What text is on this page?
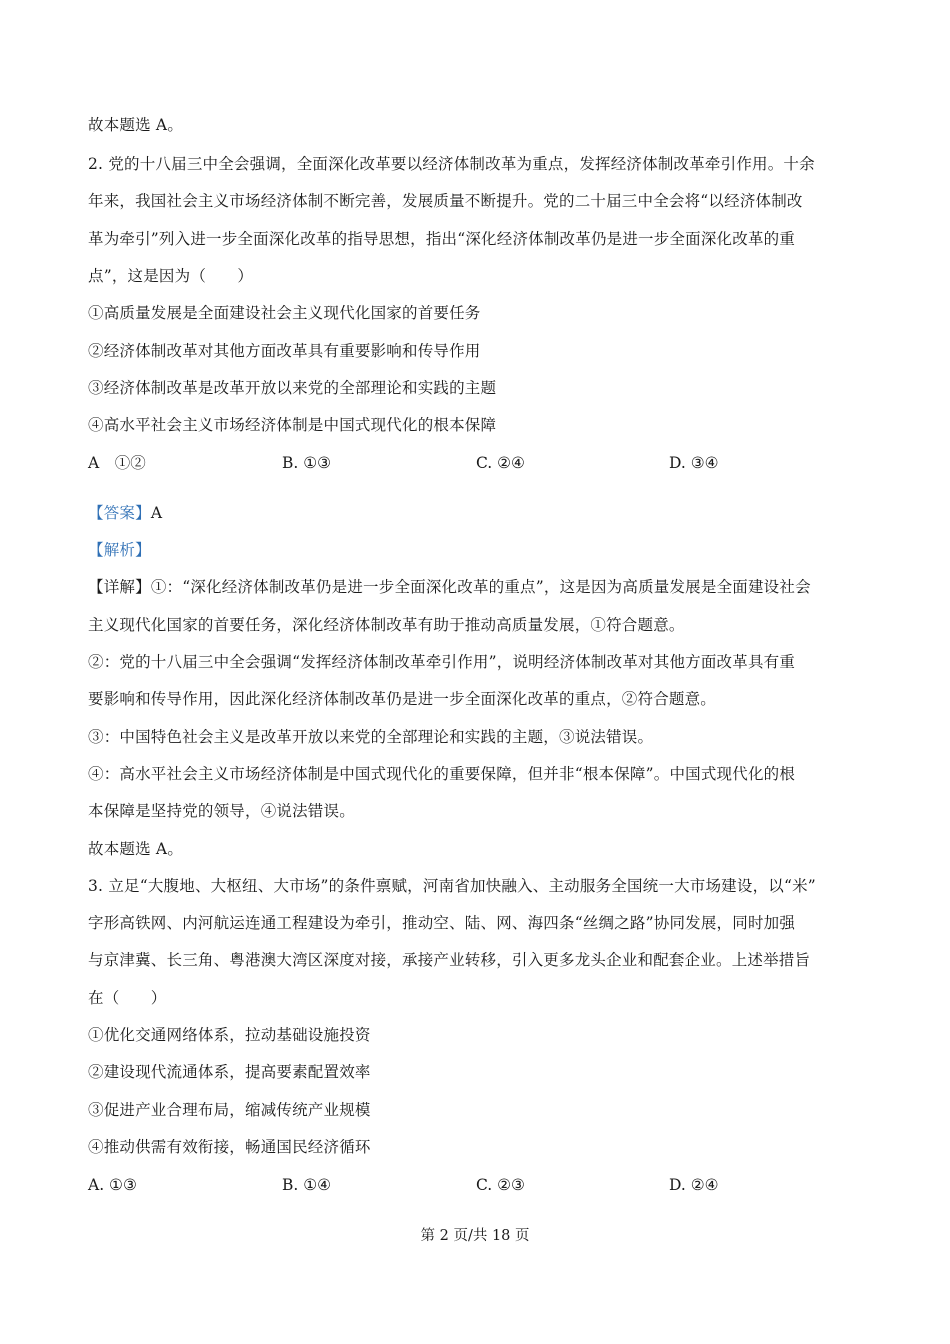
故本题选 A。
2. 党的十八届三中全会强调，全面深化改革要以经济体制改革为重点，发挥经济体制改革牵引作用。十余
年来，我国社会主义市场经济体制不断完善，发展质量不断提升。党的二十届三中全会将“以经济体制改
革为牵引”列入进一步全面深化改革的指导思想，指出“深化经济体制改革仍是进一步全面深化改革的重
点”，这是因为（　　）
①高质量发展是全面建设社会主义现代化国家的首要任务
②经济体制改革对其他方面改革具有重要影响和传导作用
③经济体制改革是改革开放以来党的全部理论和实践的主题
④高水平社会主义市场经济体制是中国式现代化的根本保障
A　①②	B. ①③	C. ②④	D. ③④
【答案】A
【解析】
【详解】①：“深化经济体制改革仍是进一步全面深化改革的重点”，这是因为高质量发展是全面建设社会
主义现代化国家的首要任务，深化经济体制改革有助于推动高质量发展，①符合题意。
②：党的十八届三中全会强调“发挥经济体制改革牵引作用”，说明经济体制改革对其他方面改革具有重
要影响和传导作用，因此深化经济体制改革仍是进一步全面深化改革的重点，②符合题意。
③：中国特色社会主义是改革开放以来党的全部理论和实践的主题，③说法错误。
④：高水平社会主义市场经济体制是中国式现代化的重要保障，但并非“根本保障”。中国式现代化的根
本保障是坚持党的领导，④说法错误。
故本题选 A。
3. 立足“大腹地、大枢纽、大市场”的条件禀赋，河南省加快融入、主动服务全国统一大市场建设，以“米”
字形高铁网、内河航运连通工程建设为牵引，推动空、陆、网、海四条“丝绸之路”协同发展，同时加强
与京津冀、长三角、粤港澳大湾区深度对接，承接产业转移，引入更多龙头企业和配套企业。上述举措旨
在（　　）
①优化交通网络体系，拉动基础设施投资
②建设现代流通体系，提高要素配置效率
③促进产业合理布局，缩减传统产业规模
④推动供需有效衔接，畅通国民经济循环
A. ①③	B. ①④	C. ②③	D. ②④
第 2 页/共 18 页
